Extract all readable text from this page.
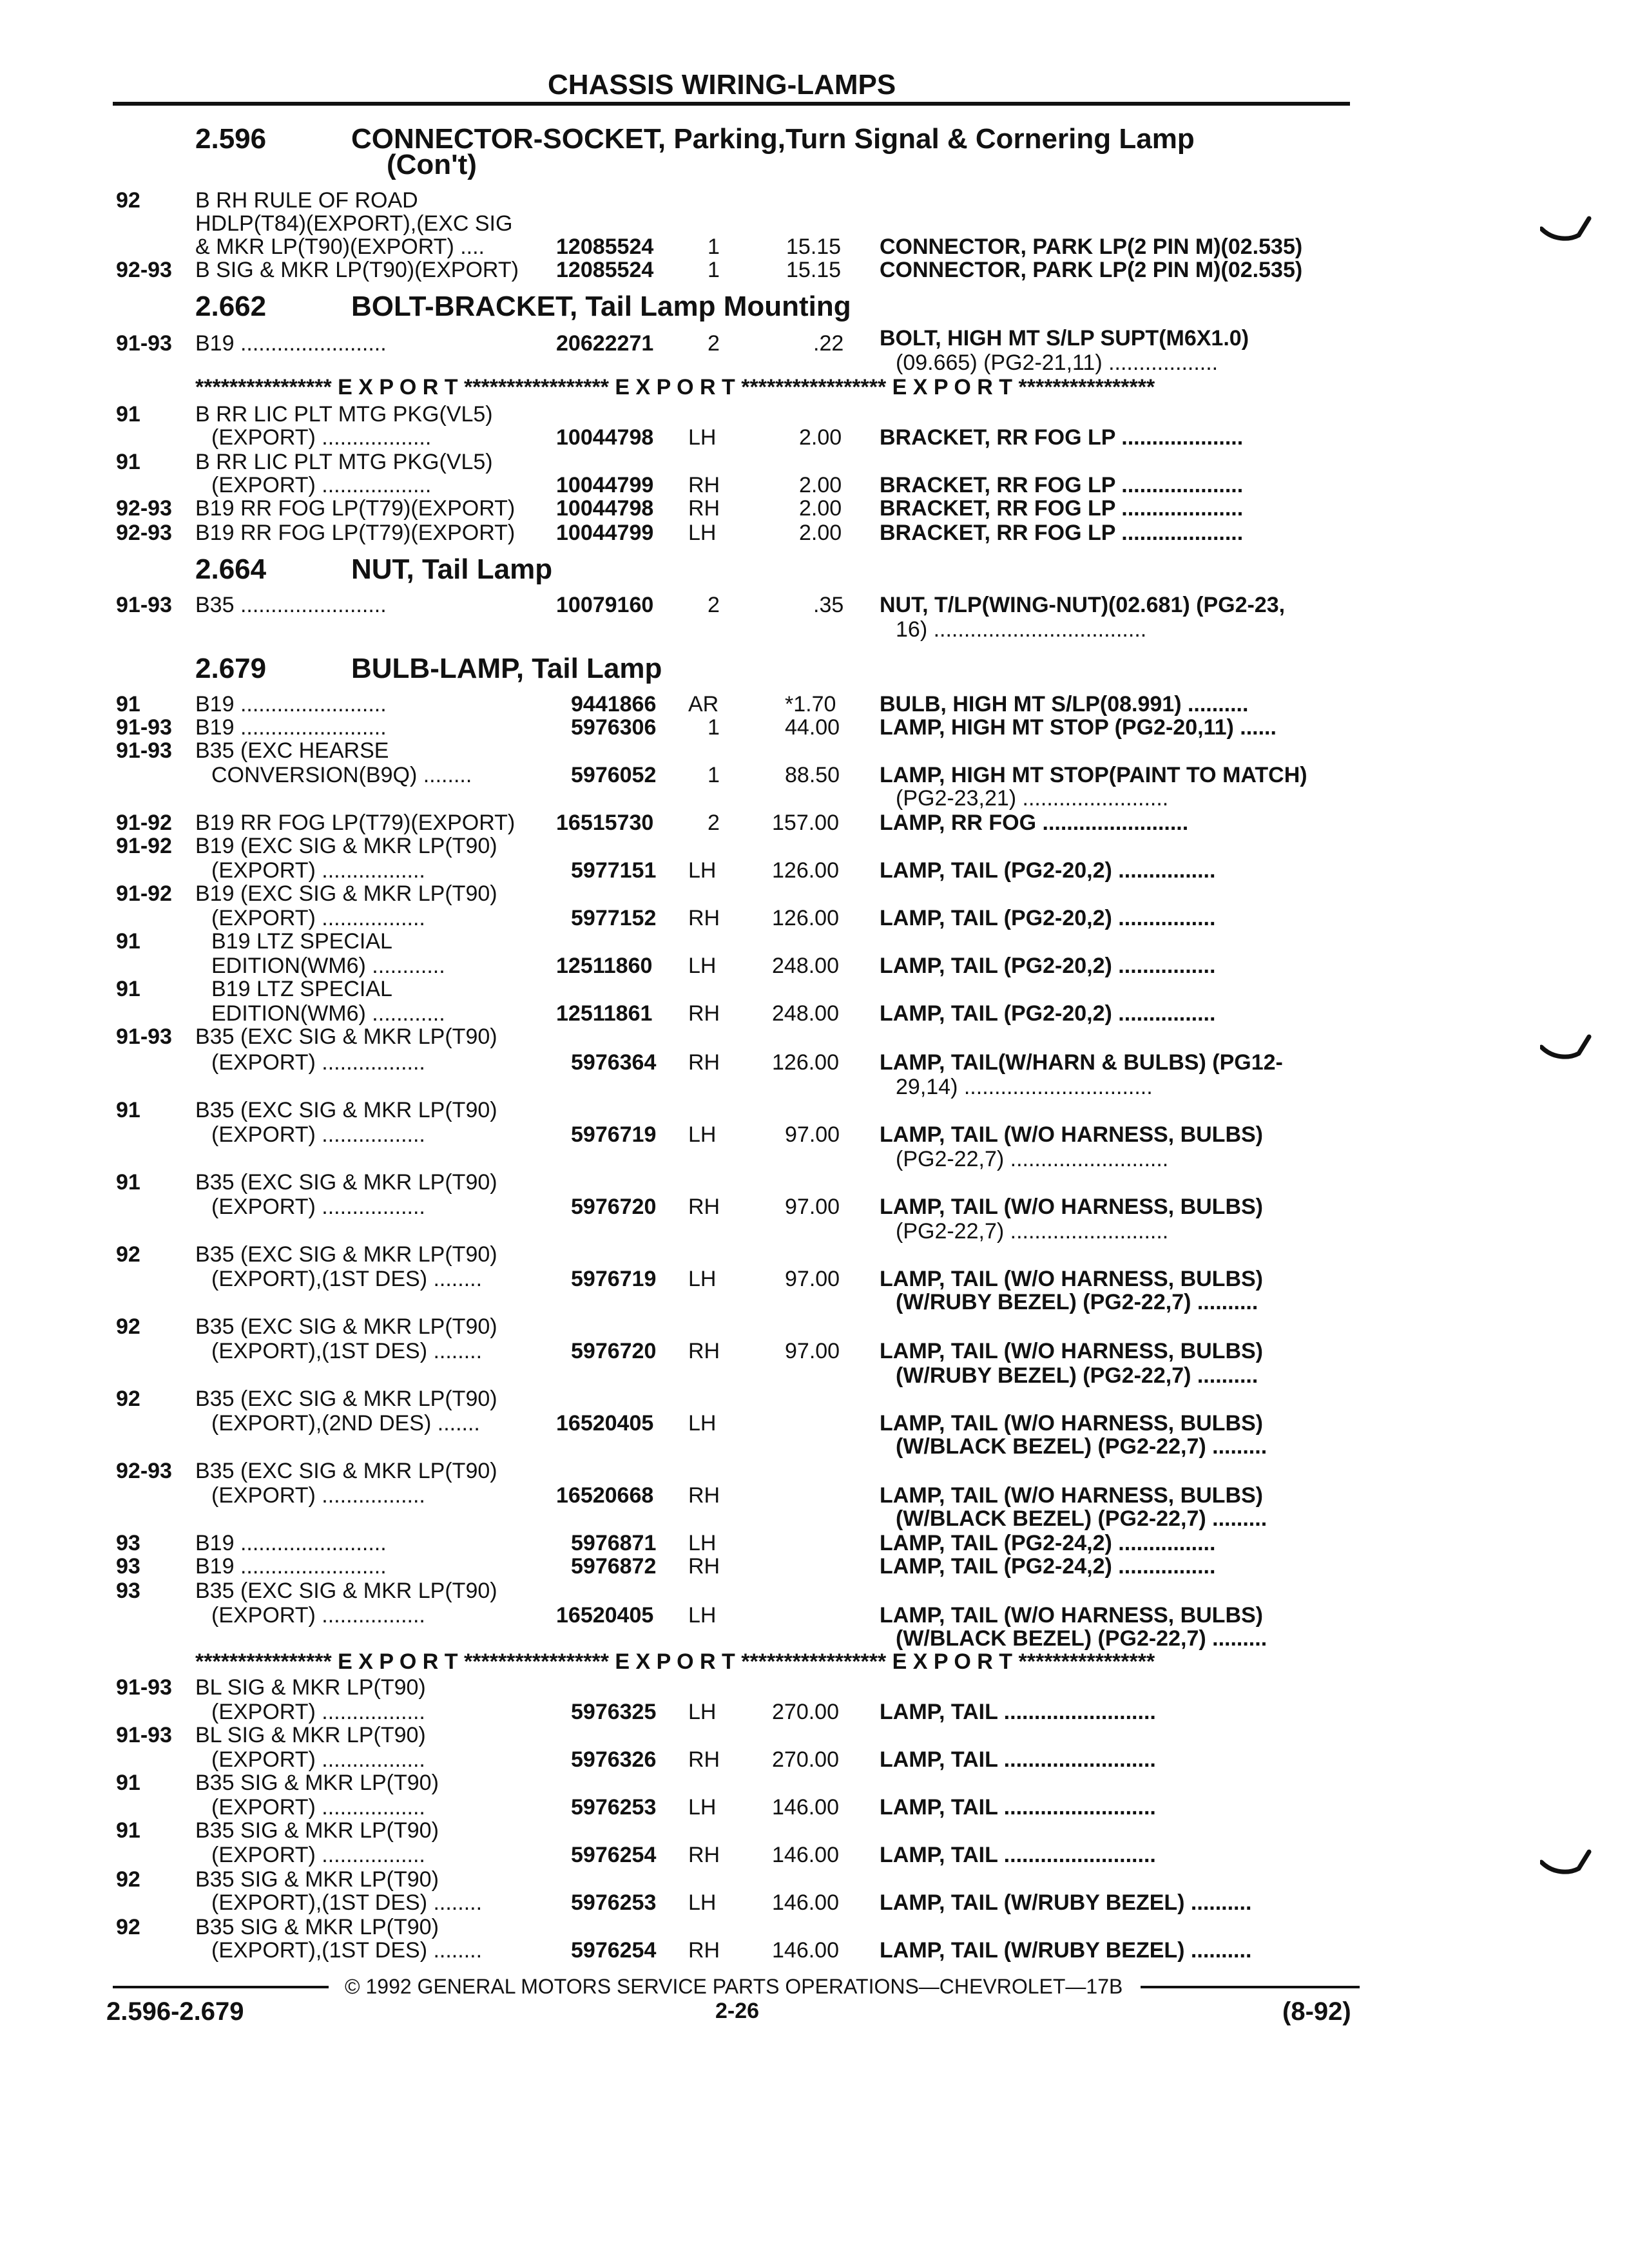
CHASSIS WIRING-LAMPS
2.596	CONNECTOR-SOCKET, Parking,Turn Signal & Cornering Lamp
(Con't)
92	B RH RULE OF ROAD
HDLP(T84)(EXPORT),(EXC SIG
& MKR LP(T90)(EXPORT) ....	12085524 1	15.15 CONNECTOR, PARK LP(2 PIN M)(02.535)
92-93 B SIG & MKR LP(T90)(EXPORT) 12085524 1	15.15 CONNECTOR, PARK LP(2 PIN M)(02.535)
2.662	BOLT-BRACKET, Tail Lamp Mounting
91-93 B19 ........................	20622271 2	.22 BOLT, HIGH MT S/LP SUPT(M6X1.0)
(09.665) (PG2-21,11) ..................
**************** E X P O R T ***************** E X P O R T ***************** E X P O R T ****************
91	B RR LIC PLT MTG PKG(VL5)
(EXPORT) ..................	10044798 LH	2.00 BRACKET, RR FOG LP ....................
91	B RR LIC PLT MTG PKG(VL5)
(EXPORT) ..................	10044799 RH	2.00 BRACKET, RR FOG LP ....................
92-93 B19 RR FOG LP(T79)(EXPORT) 10044798 RH	2.00 BRACKET, RR FOG LP ....................
92-93 B19 RR FOG LP(T79)(EXPORT) 10044799 LH	2.00 BRACKET, RR FOG LP ....................
2.664	NUT, Tail Lamp
91-93 B35 ........................	10079160 2	.35 NUT, T/LP(WING-NUT)(02.681) (PG2-23,
16) ...................................
2.679	BULB-LAMP, Tail Lamp
91	B19 ........................	9441866 AR	*1.70 BULB, HIGH MT S/LP(08.991) ..........
91-93 B19 ........................	5976306 1	44.00 LAMP, HIGH MT STOP (PG2-20,11) ......
91-93 B35 (EXC HEARSE
CONVERSION(B9Q) ........	5976052 1	88.50 LAMP, HIGH MT STOP(PAINT TO MATCH)
(PG2-23,21) ........................
91-92 B19 RR FOG LP(T79)(EXPORT) 16515730 2 157.00 LAMP, RR FOG ........................
91-92 B19 (EXC SIG & MKR LP(T90)
(EXPORT) .................	5977151 LH	126.00 LAMP, TAIL (PG2-20,2) ................
91-92 B19 (EXC SIG & MKR LP(T90)
(EXPORT) .................	5977152 RH 126.00 LAMP, TAIL (PG2-20,2) ................
91	B19 LTZ SPECIAL
EDITION(WM6) ............	12511860 LH	248.00 LAMP, TAIL (PG2-20,2) ................
91	B19 LTZ SPECIAL
EDITION(WM6) ............	12511861 RH 248.00 LAMP, TAIL (PG2-20,2) ................
91-93 B35 (EXC SIG & MKR LP(T90)
(EXPORT) .................	5976364 RH 126.00 LAMP, TAIL(W/HARN & BULBS) (PG12-
29,14) ...............................
91	B35 (EXC SIG & MKR LP(T90)
(EXPORT) .................	5976719 LH	97.00 LAMP, TAIL (W/O HARNESS, BULBS)
(PG2-22,7) ..........................
91	B35 (EXC SIG & MKR LP(T90)
(EXPORT) .................	5976720 RH	97.00 LAMP, TAIL (W/O HARNESS, BULBS)
(PG2-22,7) ..........................
92	B35 (EXC SIG & MKR LP(T90)
(EXPORT),(1ST DES) ........	5976719 LH	97.00 LAMP, TAIL (W/O HARNESS, BULBS)
(W/RUBY BEZEL) (PG2-22,7) ..........
92	B35 (EXC SIG & MKR LP(T90)
(EXPORT),(1ST DES) ........	5976720 RH	97.00 LAMP, TAIL (W/O HARNESS, BULBS)
(W/RUBY BEZEL) (PG2-22,7) ..........
92	B35 (EXC SIG & MKR LP(T90)
(EXPORT),(2ND DES) .......	16520405 LH	LAMP, TAIL (W/O HARNESS, BULBS)
(W/BLACK BEZEL) (PG2-22,7) .........
92-93 B35 (EXC SIG & MKR LP(T90)
(EXPORT) .................	16520668 RH	LAMP, TAIL (W/O HARNESS, BULBS)
(W/BLACK BEZEL) (PG2-22,7) .........
93	B19 ........................	5976871 LH	LAMP, TAIL (PG2-24,2) ................
93	B19 ........................	5976872 RH	LAMP, TAIL (PG2-24,2) ................
93	B35 (EXC SIG & MKR LP(T90)
(EXPORT) .................	16520405 LH	LAMP, TAIL (W/O HARNESS, BULBS)
(W/BLACK BEZEL) (PG2-22,7) .........
**************** E X P O R T ***************** E X P O R T ***************** E X P O R T ****************
91-93 BL SIG & MKR LP(T90)
(EXPORT) .................	5976325 LH	270.00 LAMP, TAIL .........................
91-93 BL SIG & MKR LP(T90)
(EXPORT) .................	5976326 RH 270.00 LAMP, TAIL .........................
91	B35 SIG & MKR LP(T90)
(EXPORT) .................	5976253 LH	146.00 LAMP, TAIL .........................
91	B35 SIG & MKR LP(T90)
(EXPORT) .................	5976254 RH 146.00 LAMP, TAIL .........................
92	B35 SIG & MKR LP(T90)
(EXPORT),(1ST DES) ........	5976253 LH	146.00 LAMP, TAIL (W/RUBY BEZEL) ..........
92	B35 SIG & MKR LP(T90)
(EXPORT),(1ST DES) ........	5976254 RH 146.00 LAMP, TAIL (W/RUBY BEZEL) ..........
© 1992 GENERAL MOTORS SERVICE PARTS OPERATIONS—CHEVROLET—17B
2.596-2.679	2-26	(8-92)
